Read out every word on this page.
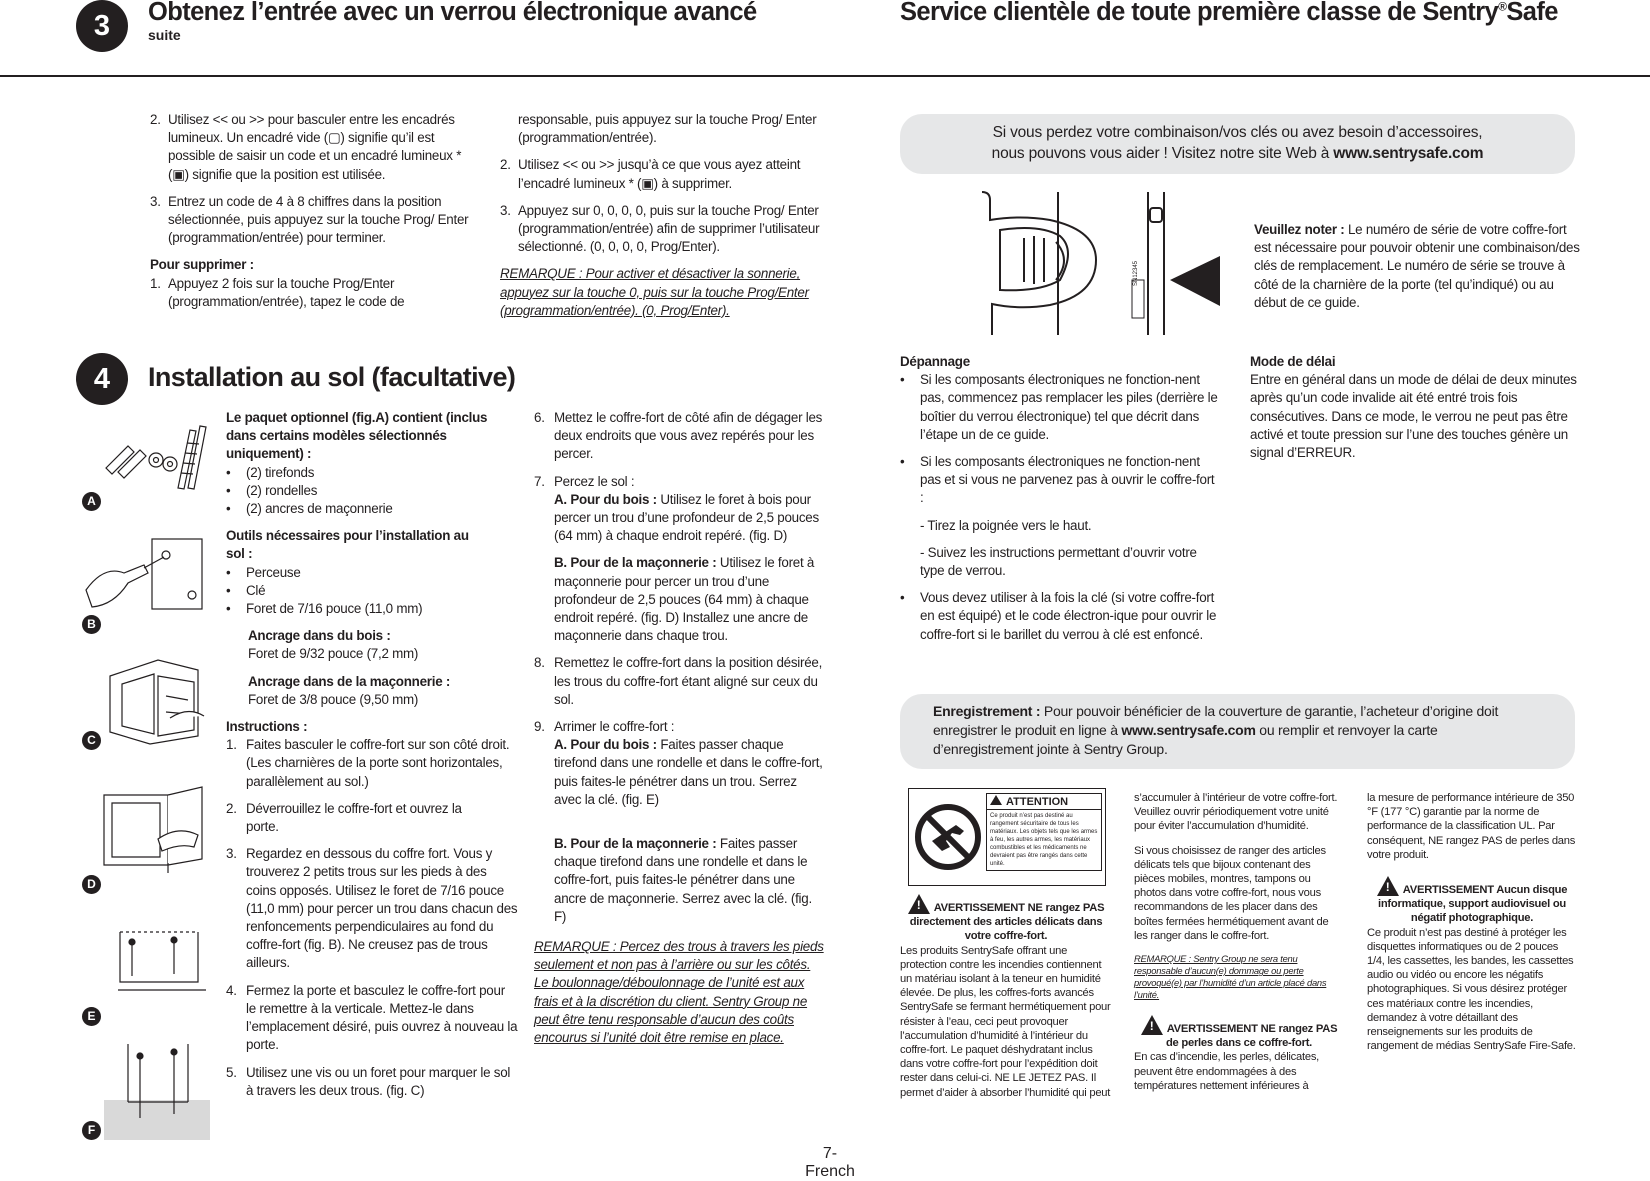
3	Obtenez l’entrée avec un verrou électronique avancé
suite
Service clientèle de toute première classe de Sentry®Safe
2. Utilisez << ou >> pour basculer entre les encadrés lumineux. Un encadré vide (▢) signifie qu’il est possible de saisir un code et un encadré lumineux * (▣) signifie que la position est utilisée.
3. Entrez un code de 4 à 8 chiffres dans la position sélectionnée, puis appuyez sur la touche Prog/ Enter (programmation/entrée) pour terminer.
Pour supprimer :
1. Appuyez 2 fois sur la touche Prog/Enter (programmation/entrée), tapez le code de
responsable, puis appuyez sur la touche Prog/ Enter (programmation/entrée).
2. Utilisez << ou >> jusqu’à ce que vous ayez atteint l’encadré lumineux * (▣) à supprimer.
3. Appuyez sur 0, 0, 0, 0, puis sur la touche Prog/ Enter (programmation/entrée) afin de supprimer l’utilisateur sélectionné. (0, 0, 0, 0, Prog/Enter).
REMARQUE : Pour activer et désactiver la sonnerie, appuyez sur la touche 0, puis sur la touche Prog/Enter (programmation/entrée). (0, Prog/Enter).
4	Installation au sol (facultative)
A
B
C
D
E
F
Le paquet optionnel (fig.A) contient (inclus dans certains modèles sélectionnés uniquement) :
•	(2) tirefonds
•	(2) rondelles
•	(2) ancres de maçonnerie
Outils nécessaires pour l’installation au sol :
•	Perceuse
•	Clé
•	Foret de 7/16 pouce (11,0 mm)
Ancrage dans du bois :
Foret de 9/32 pouce (7,2 mm)
Ancrage dans de la maçonnerie :
Foret de 3/8 pouce (9,50 mm)
Instructions :
1. Faites basculer le coffre-fort sur son côté droit. (Les charnières de la porte sont horizontales, parallèlement au sol.)
2. Déverrouillez le coffre-fort et ouvrez la porte.
3. Regardez en dessous du coffre fort. Vous y trouverez 2 petits trous sur les pieds à des coins opposés. Utilisez le foret de 7/16 pouce (11,0 mm) pour percer un trou dans chacun des renfoncements perpendiculaires au fond du coffre-fort (fig. B). Ne creusez pas de trous ailleurs.
4. Fermez la porte et basculez le coffre-fort pour le remettre à la verticale. Mettez-le dans l’emplacement désiré, puis ouvrez à nouveau la porte.
5. Utilisez une vis ou un foret pour marquer le sol à travers les deux trous. (fig. C)
6. Mettez le coffre-fort de côté afin de dégager les deux endroits que vous avez repérés pour les percer.
7. Percez le sol :
A. Pour du bois : Utilisez le foret à bois pour percer un trou d’une profondeur de 2,5 pouces (64 mm) à chaque endroit repéré. (fig. D)
B. Pour de la maçonnerie : Utilisez le foret à maçonnerie pour percer un trou d’une profondeur de 2,5 pouces (64 mm) à chaque endroit repéré. (fig. D) Installez une ancre de maçonnerie dans chaque trou.
8. Remettez le coffre-fort dans la position désirée, les trous du coffre-fort étant aligné sur ceux du sol.
9. Arrimer le coffre-fort :
A. Pour du bois : Faites passer chaque tirefond dans une rondelle et dans le coffre-fort, puis faites-le pénétrer dans un trou. Serrez avec la clé. (fig. E)
B. Pour de la maçonnerie : Faites passer chaque tirefond dans une rondelle et dans le coffre-fort, puis faites-le pénétrer dans une ancre de maçonnerie. Serrez avec la clé. (fig. F)
REMARQUE : Percez des trous à travers les pieds seulement et non pas à l’arrière ou sur les côtés. Le boulonnage/déboulonnage de l’unité est aux frais et à la discrétion du client. Sentry Group ne peut être tenu responsable d’aucun des coûts encourus si l’unité doit être remise en place.
Si vous perdez votre combinaison/vos clés ou avez besoin d’accessoires,
nous pouvons vous aider ! Visitez notre site Web à www.sentrysafe.com
SN12345
Veuillez noter : Le numéro de série de votre coffre-fort est nécessaire pour pouvoir obtenir une combinaison/des clés de remplacement. Le numéro de série se trouve à côté de la charnière de la porte (tel qu’indiqué) ou au début de ce guide.
Dépannage
•	Si les composants électroniques ne fonction-nent pas, commencez pas remplacer les piles (derrière le boîtier du verrou électronique) tel que décrit dans l’étape un de ce guide.
•	Si les composants électroniques ne fonction-nent pas et si vous ne parvenez pas à ouvrir le coffre-fort :
- Tirez la poignée vers le haut.
- Suivez les instructions permettant d’ouvrir votre type de verrou.
•	Vous devez utiliser à la fois la clé (si votre coffre-fort en est équipé) et le code électron-ique pour ouvrir le coffre-fort si le barillet du verrou à clé est enfoncé.
Mode de délai
Entre en général dans un mode de délai de deux minutes après qu’un code invalide ait été entré trois fois consécutives. Dans ce mode, le verrou ne peut pas être activé et toute pression sur l’une des touches génère un signal d’ERREUR.
Enregistrement : Pour pouvoir bénéficier de la couverture de garantie, l’acheteur d’origine doit enregistrer le produit en ligne à www.sentrysafe.com ou remplir et renvoyer la carte d’enregistrement jointe à Sentry Group.
ATTENTION
Ce produit n’est pas destiné au rangement sécuritaire de tous les matériaux. Les objets tels que les armes à feu, les autres armes, les matériaux combustibles et les médicaments ne devraient pas être rangés dans cette unité.
! AVERTISSEMENT NE rangez PAS directement des articles délicats dans votre coffre-fort.
Les produits SentrySafe offrant une protection contre les incendies contiennent un matériau isolant à la teneur en humidité élevée. De plus, les coffres-forts avancés SentrySafe se fermant hermétiquement pour résister à l’eau, ceci peut provoquer l’accumulation d’humidité à l’intérieur du coffre-fort. Le paquet déshydratant inclus dans votre coffre-fort pour l’expédition doit rester dans celui-ci. NE LE JETEZ PAS. Il permet d’aider à absorber l’humidité qui peut
s’accumuler à l’intérieur de votre coffre-fort. Veuillez ouvrir périodiquement votre unité pour éviter l’accumulation d’humidité.
Si vous choisissez de ranger des articles délicats tels que bijoux contenant des pièces mobiles, montres, tampons ou photos dans votre coffre-fort, nous vous recommandons de les placer dans des boîtes fermées hermétiquement avant de les ranger dans le coffre-fort.
REMARQUE : Sentry Group ne sera tenu responsable d’aucun(e) dommage ou perte provoqué(e) par l’humidité d’un article placé dans l’unité.
! AVERTISSEMENT NE rangez PAS de perles dans ce coffre-fort.
En cas d’incendie, les perles, délicates, peuvent être endommagées à des températures nettement inférieures à
la mesure de performance intérieure de 350 °F (177 °C) garantie par la norme de performance de la classification UL. Par conséquent, NE rangez PAS de perles dans votre produit.
! AVERTISSEMENT Aucun disque informatique, support audiovisuel ou négatif photographique.
Ce produit n’est pas destiné à protéger les disquettes informatiques ou de 2 pouces 1/4, les cassettes, les bandes, les cassettes audio ou vidéo ou encore les négatifs photographiques. Si vous désirez protéger ces matériaux contre les incendies, demandez à votre détaillant des renseignements sur les produits de rangement de médias SentrySafe Fire-Safe.
7-French
